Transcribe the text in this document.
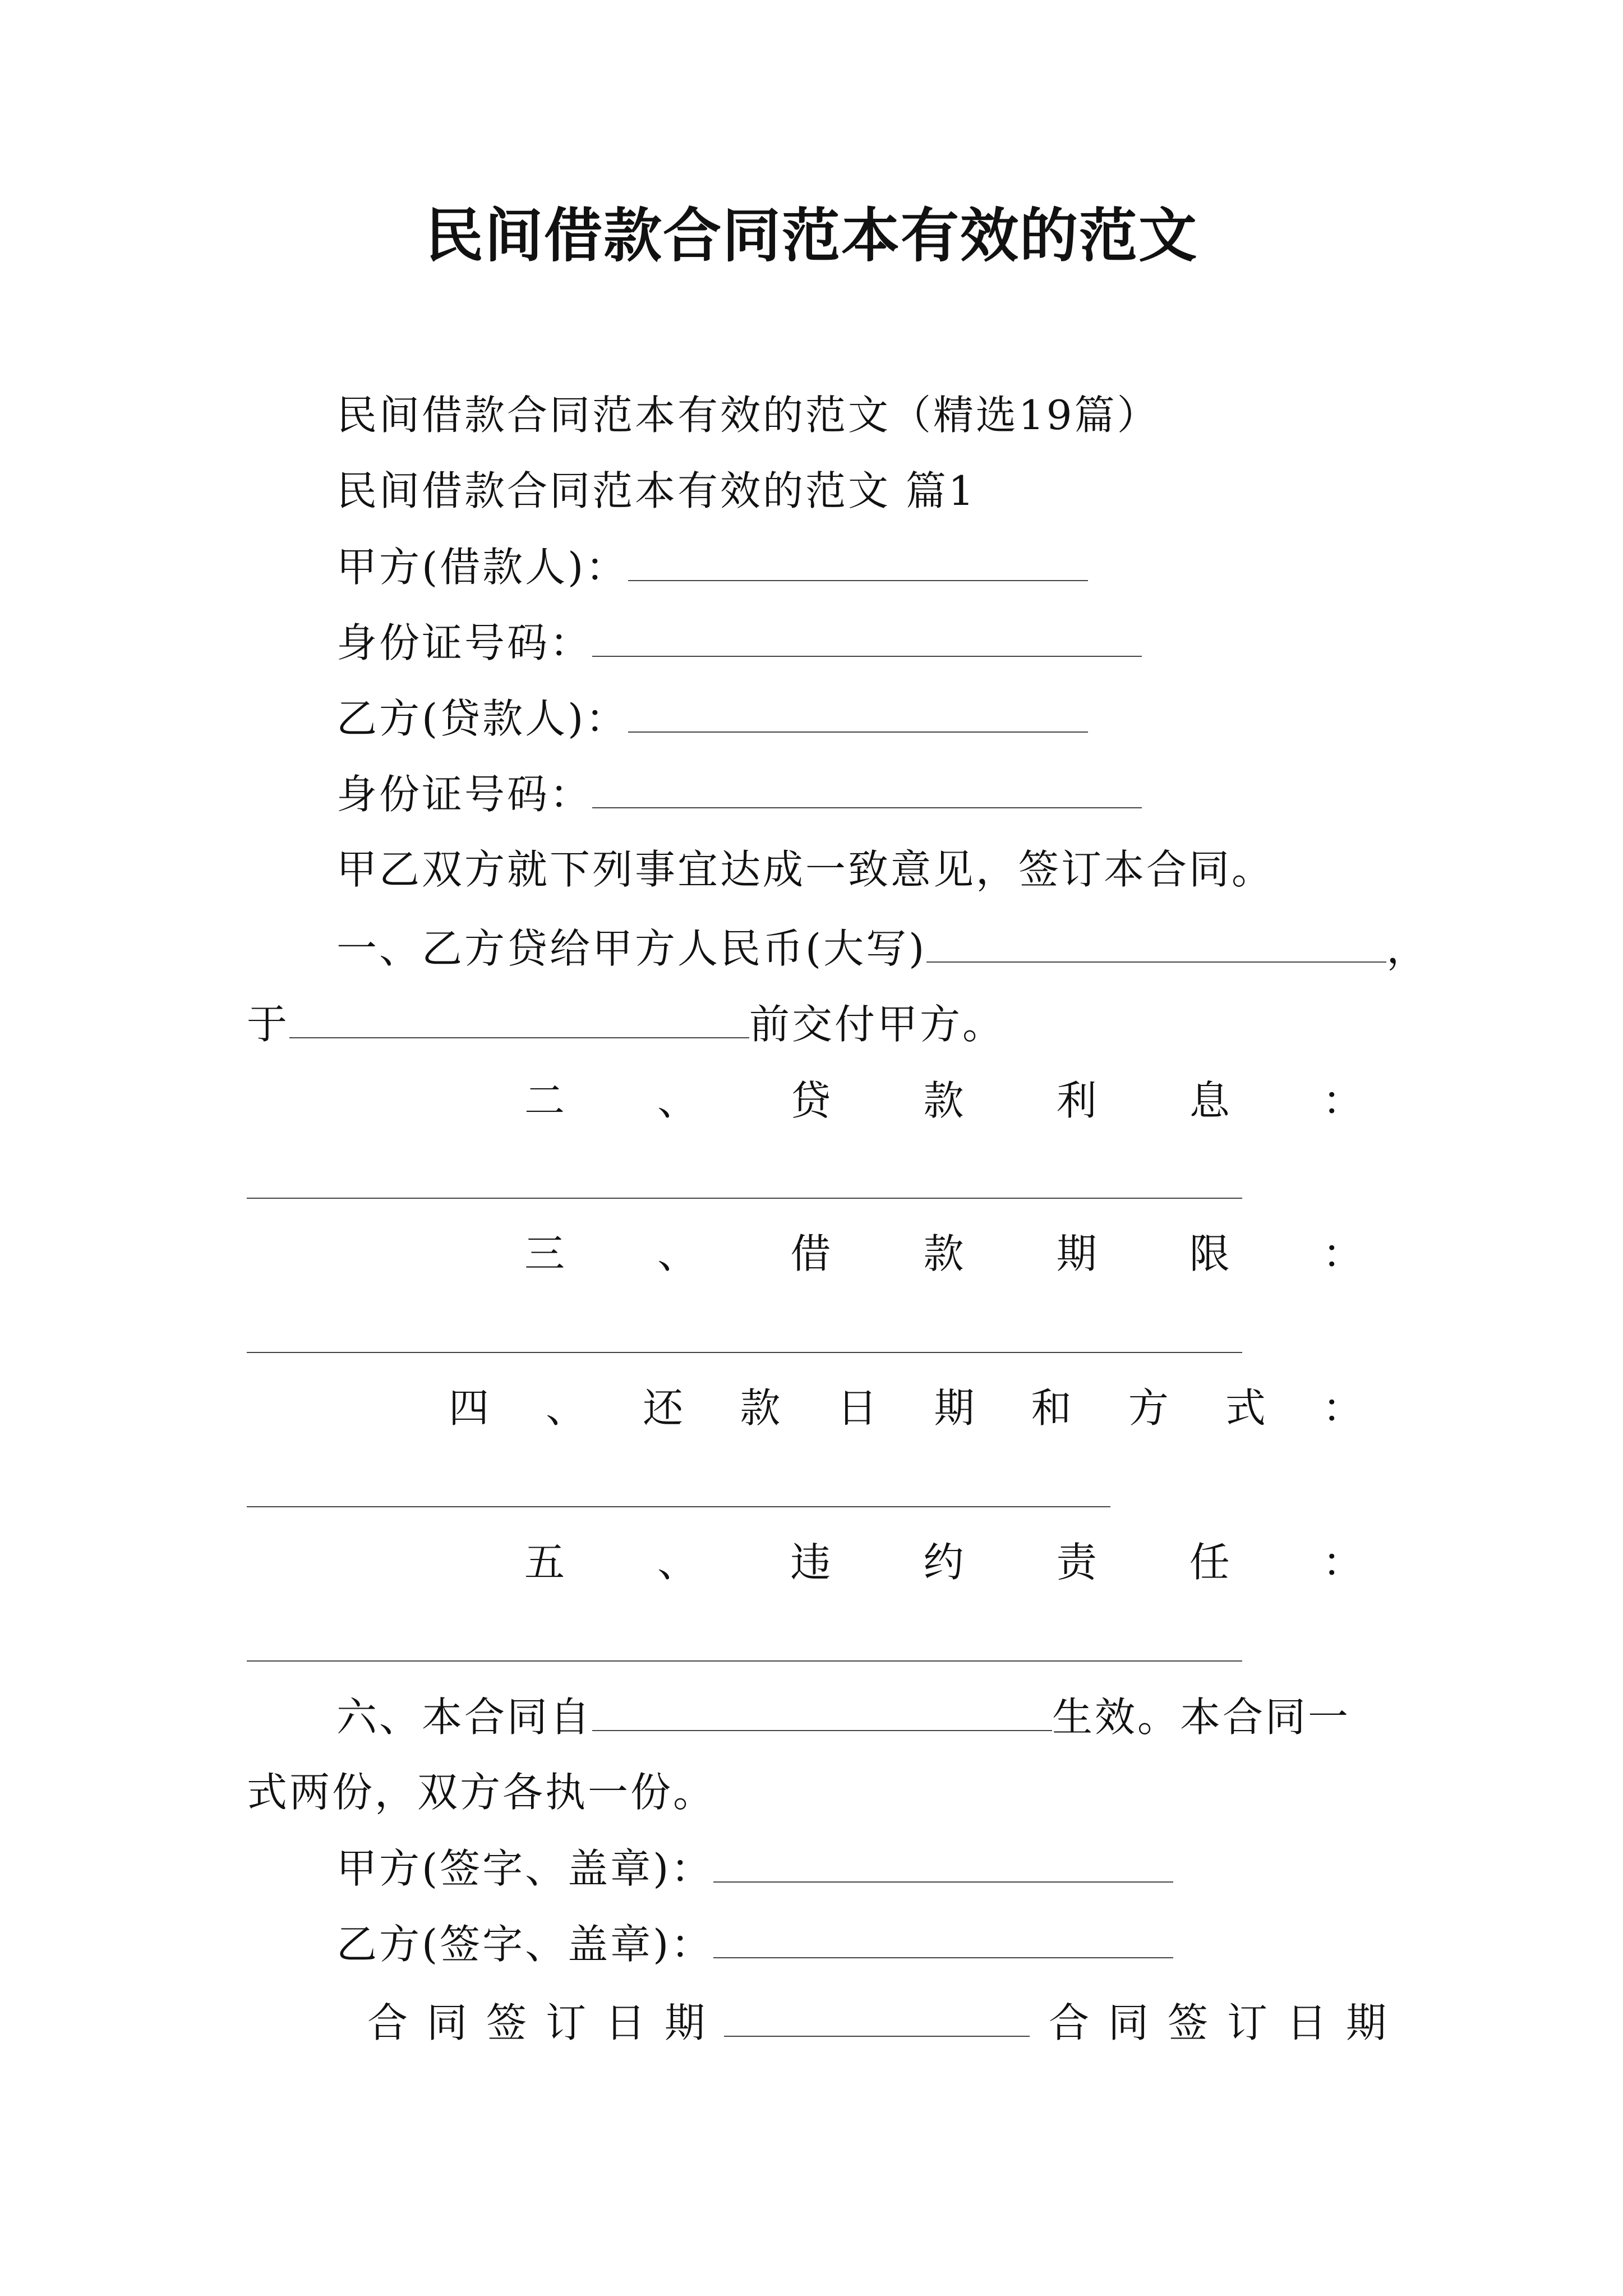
民间借款合同范本有效的范文
民间借款合同范本有效的范文（精选19篇）
民间借款合同范本有效的范文 篇1
甲方(借款人)：
身份证号码：
乙方(贷款人)：
身份证号码：
甲乙双方就下列事宜达成一致意见，签订本合同。
一、乙方贷给甲方人民币(大写)	，
于	前交付甲方。
二 、 贷 款 利 息 ：
三 、 借 款 期 限 ：
四 、 还 款 日 期 和 方 式 ：
五 、 违 约 责 任 ：
六、本合同自	生效。本合同一
式两份，双方各执一份。
甲方(签字、盖章)：
乙方(签字、盖章)：
合同签订日期	合同签订日期
